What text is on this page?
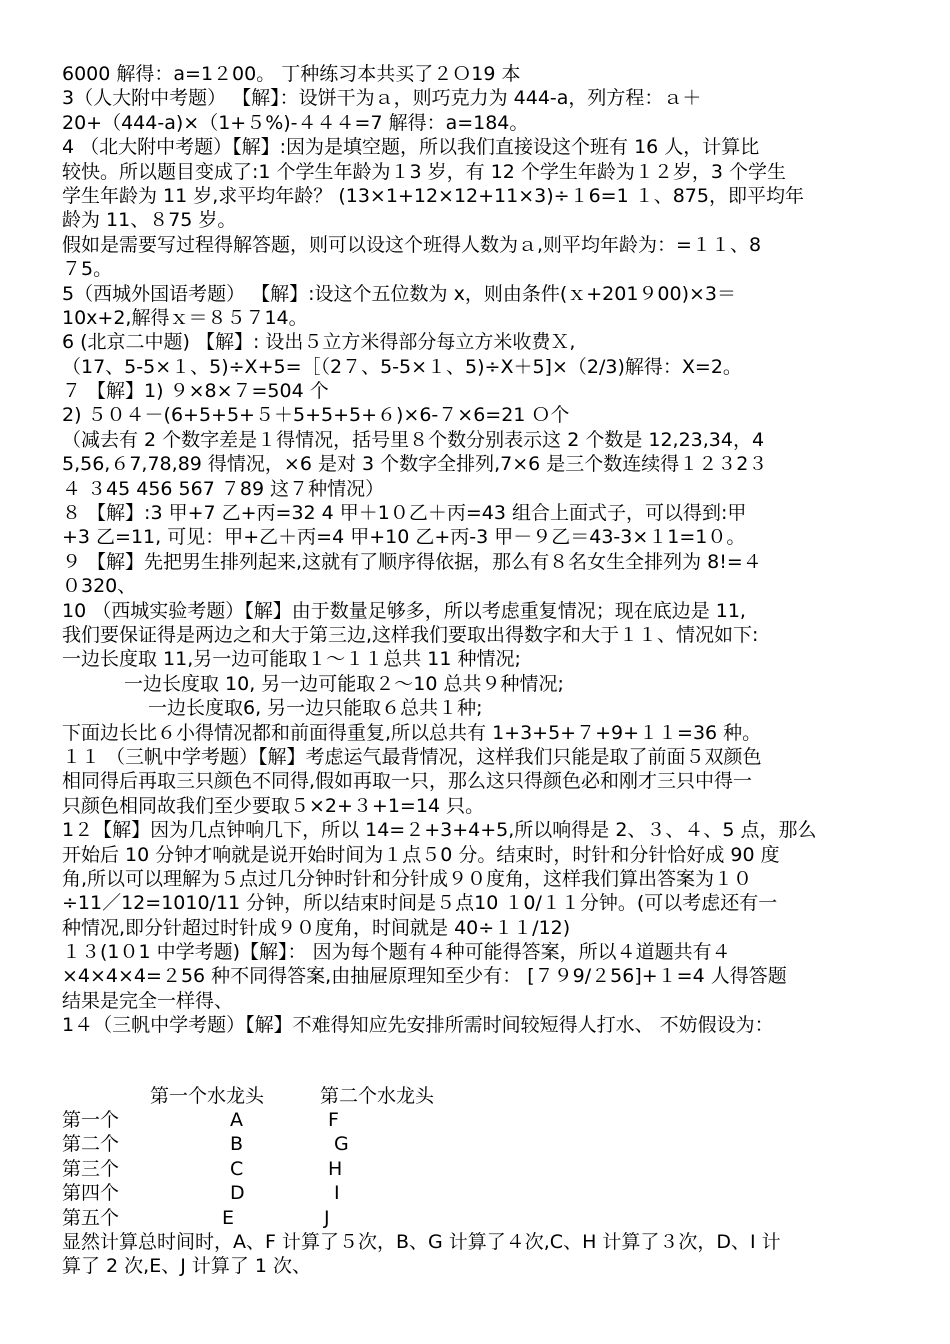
6000 解得：a=1２00。 丁种练习本共买了２Ｏ19 本
3（人大附中考题） 【解】：设饼干为ａ，则巧克力为 444-a，列方程：ａ＋
20+（444-a)×（1+５%)-４４４=7 解得：a=184。
4 （北大附中考题）【解】:因为是填空题，所以我们直接设这个班有 16 人，计算比
较快。所以题目变成了:1 个学生年龄为１3 岁，有 12 个学生年龄为１２岁，3 个学生
学生年龄为 11 岁,求平均年龄？ (13×1+12×12+11×3)÷１6=1 １、875，即平均年
龄为 11、８75 岁。
假如是需要写过程得解答题，则可以设这个班得人数为ａ,则平均年龄为：=１１、8
７5。
5（西城外国语考题） 【解】:设这个五位数为 x，则由条件(ｘ+201９00)×3＝
10x+2,解得ｘ＝８５７14。
6 (北京二中题) 【解】: 设出５立方米得部分每立方米收费Ｘ,
（17、5-5×１、5)÷X+5=［（2７、5-5×１、5)÷X＋5]×（2/3)解得：X=2。
７ 【解】1) ９×8×７=504 个
2) ５０４－(6+5+5+５＋5+5+5+６)×6-７×6=21 Ｏ个
（减去有 2 个数字差是１得情况，括号里８个数分别表示这 2 个数是 12,23,34，4
5,56,６7,78,89 得情况，×6 是对 3 个数字全排列,7×6 是三个数连续得１２３2３
４ ３45 456 567 ７89 这７种情况）
８ 【解】:3 甲+7 乙+丙=32 4 甲＋1０乙＋丙=43 组合上面式子，可以得到:甲
+3 乙=11, 可见：甲+乙＋丙=4 甲+10 乙+丙-3 甲－９乙＝43-3×１1=1０。
９ 【解】先把男生排列起来,这就有了顺序得依据，那么有８名女生全排列为 8!=４
０320、
10 （西城实验考题）【解】由于数量足够多，所以考虑重复情况；现在底边是 11,
我们要保证得是两边之和大于第三边,这样我们要取出得数字和大于１１、情况如下:
一边长度取 11,另一边可能取１～１１总共 11 种情况;
一边长度取 10, 另一边可能取２～10 总共９种情况;
一边长度取6, 另一边只能取６总共１种;
下面边长比６小得情况都和前面得重复,所以总共有 1+3+5+７+9+１１=36 种。
１１ （三帆中学考题）【解】考虑运气最背情况，这样我们只能是取了前面５双颜色
相同得后再取三只颜色不同得,假如再取一只，那么这只得颜色必和刚才三只中得一
只颜色相同故我们至少要取５×2+３+1=14 只。
1２【解】因为几点钟响几下，所以 14=２+3+4+5,所以响得是 2、３、４、5 点，那么
开始后 10 分钟才响就是说开始时间为１点５0 分。结束时，时针和分针恰好成 90 度
角,所以可以理解为５点过几分钟时针和分针成９０度角，这样我们算出答案为１０
÷11／12=1010/11 分钟，所以结束时间是５点10 １0/１１分钟。(可以考虑还有一
种情况,即分针超过时针成９０度角，时间就是 40÷１１/12)
１３(1０1 中学考题)【解】： 因为每个题有４种可能得答案，所以４道题共有４
×4×4×4=２56 种不同得答案,由抽屉原理知至少有： [７９9/２56]+１=4 人得答题
结果是完全一样得、
1４（三帆中学考题）【解】不难得知应先安排所需时间较短得人打水、 不妨假设为：
第一个水龙头	第二个水龙头
第一个	A	F
第二个	B	G
第三个	C	H
第四个	D	I
第五个	E	J
显然计算总时间时，A、F 计算了５次，B、G 计算了４次,C、H 计算了３次，D、I 计
算了 2 次,E、J 计算了 1 次、
